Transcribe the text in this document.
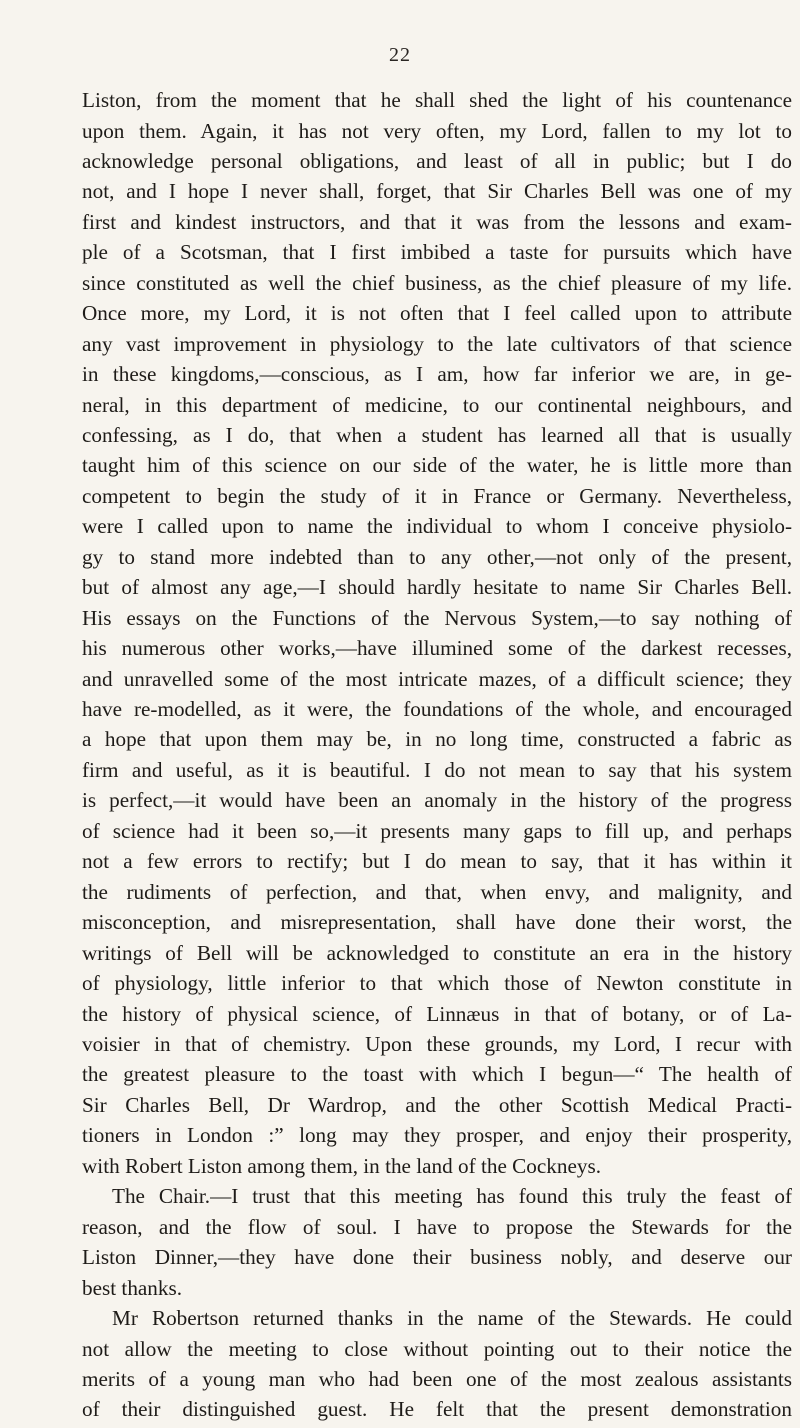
22
Liston, from the moment that he shall shed the light of his countenance
upon them. Again, it has not very often, my Lord, fallen to my lot to
acknowledge personal obligations, and least of all in public; but I do
not, and I hope I never shall, forget, that Sir Charles Bell was one of my
first and kindest instructors, and that it was from the lessons and exam-
ple of a Scotsman, that I first imbibed a taste for pursuits which have
since constituted as well the chief business, as the chief pleasure of my life.
Once more, my Lord, it is not often that I feel called upon to attribute
any vast improvement in physiology to the late cultivators of that science
in these kingdoms,—conscious, as I am, how far inferior we are, in ge-
neral, in this department of medicine, to our continental neighbours, and
confessing, as I do, that when a student has learned all that is usually
taught him of this science on our side of the water, he is little more than
competent to begin the study of it in France or Germany. Nevertheless,
were I called upon to name the individual to whom I conceive physiolo-
gy to stand more indebted than to any other,—not only of the present,
but of almost any age,—I should hardly hesitate to name Sir Charles Bell.
His essays on the Functions of the Nervous System,—to say nothing of
his numerous other works,—have illumined some of the darkest recesses,
and unravelled some of the most intricate mazes, of a difficult science; they
have re-modelled, as it were, the foundations of the whole, and encouraged
a hope that upon them may be, in no long time, constructed a fabric as
firm and useful, as it is beautiful. I do not mean to say that his system
is perfect,—it would have been an anomaly in the history of the progress
of science had it been so,—it presents many gaps to fill up, and perhaps
not a few errors to rectify; but I do mean to say, that it has within it
the rudiments of perfection, and that, when envy, and malignity, and
misconception, and misrepresentation, shall have done their worst, the
writings of Bell will be acknowledged to constitute an era in the history
of physiology, little inferior to that which those of Newton constitute in
the history of physical science, of Linnæus in that of botany, or of La-
voisier in that of chemistry. Upon these grounds, my Lord, I recur with
the greatest pleasure to the toast with which I begun—“ The health of
Sir Charles Bell, Dr Wardrop, and the other Scottish Medical Practi-
tioners in London :” long may they prosper, and enjoy their prosperity,
with Robert Liston among them, in the land of the Cockneys.
The Chair.—I trust that this meeting has found this truly the feast of
reason, and the flow of soul. I have to propose the Stewards for the
Liston Dinner,—they have done their business nobly, and deserve our
best thanks.
Mr Robertson returned thanks in the name of the Stewards. He could
not allow the meeting to close without pointing out to their notice the
merits of a young man who had been one of the most zealous assistants
of their distinguished guest. He felt that the present demonstration
